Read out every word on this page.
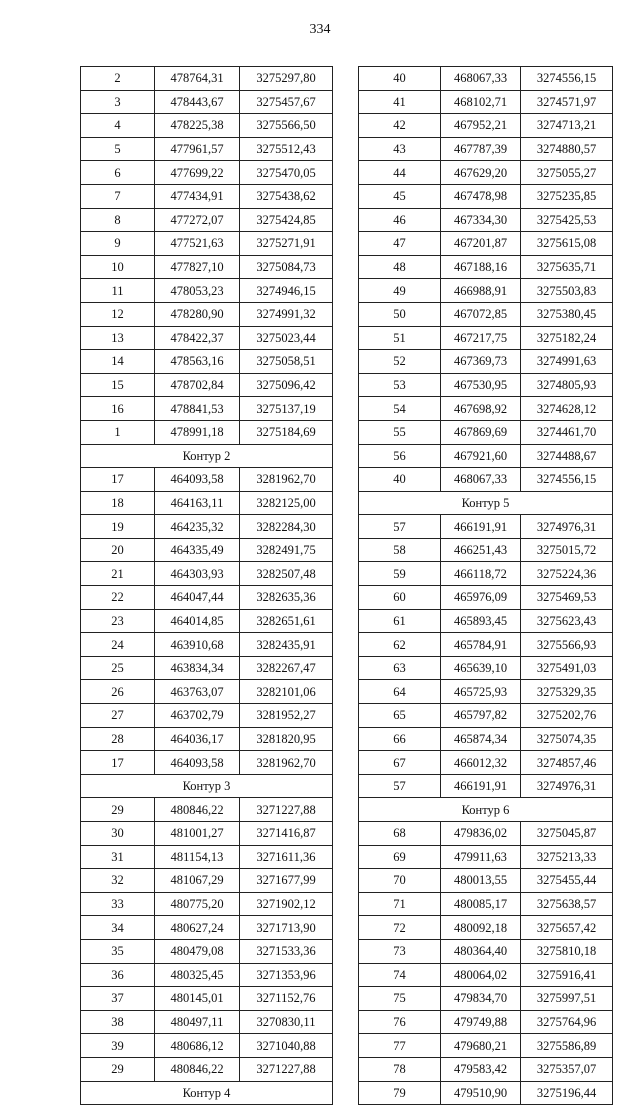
334
2	478764,31	3275297,80
3	478443,67	3275457,67
4	478225,38	3275566,50
5	477961,57	3275512,43
6	477699,22	3275470,05
7	477434,91	3275438,62
8	477272,07	3275424,85
9	477521,63	3275271,91
10	477827,10	3275084,73
11	478053,23	3274946,15
12	478280,90	3274991,32
13	478422,37	3275023,44
14	478563,16	3275058,51
15	478702,84	3275096,42
16	478841,53	3275137,19
1	478991,18	3275184,69
Контур 2		
17	464093,58	3281962,70
18	464163,11	3282125,00
19	464235,32	3282284,30
20	464335,49	3282491,75
21	464303,93	3282507,48
22	464047,44	3282635,36
23	464014,85	3282651,61
24	463910,68	3282435,91
25	463834,34	3282267,47
26	463763,07	3282101,06
27	463702,79	3281952,27
28	464036,17	3281820,95
17	464093,58	3281962,70
Контур 3		
29	480846,22	3271227,88
30	481001,27	3271416,87
31	481154,13	3271611,36
32	481067,29	3271677,99
33	480775,20	3271902,12
34	480627,24	3271713,90
35	480479,08	3271533,36
36	480325,45	3271353,96
37	480145,01	3271152,76
38	480497,11	3270830,11
39	480686,12	3271040,88
29	480846,22	3271227,88
Контур 4		
40	468067,33	3274556,15
41	468102,71	3274571,97
42	467952,21	3274713,21
43	467787,39	3274880,57
44	467629,20	3275055,27
45	467478,98	3275235,85
46	467334,30	3275425,53
47	467201,87	3275615,08
48	467188,16	3275635,71
49	466988,91	3275503,83
50	467072,85	3275380,45
51	467217,75	3275182,24
52	467369,73	3274991,63
53	467530,95	3274805,93
54	467698,92	3274628,12
55	467869,69	3274461,70
56	467921,60	3274488,67
40	468067,33	3274556,15
Контур 5		
57	466191,91	3274976,31
58	466251,43	3275015,72
59	466118,72	3275224,36
60	465976,09	3275469,53
61	465893,45	3275623,43
62	465784,91	3275566,93
63	465639,10	3275491,03
64	465725,93	3275329,35
65	465797,82	3275202,76
66	465874,34	3275074,35
67	466012,32	3274857,46
57	466191,91	3274976,31
Контур 6		
68	479836,02	3275045,87
69	479911,63	3275213,33
70	480013,55	3275455,44
71	480085,17	3275638,57
72	480092,18	3275657,42
73	480364,40	3275810,18
74	480064,02	3275916,41
75	479834,70	3275997,51
76	479749,88	3275764,96
77	479680,21	3275586,89
78	479583,42	3275357,07
79	479510,90	3275196,44
